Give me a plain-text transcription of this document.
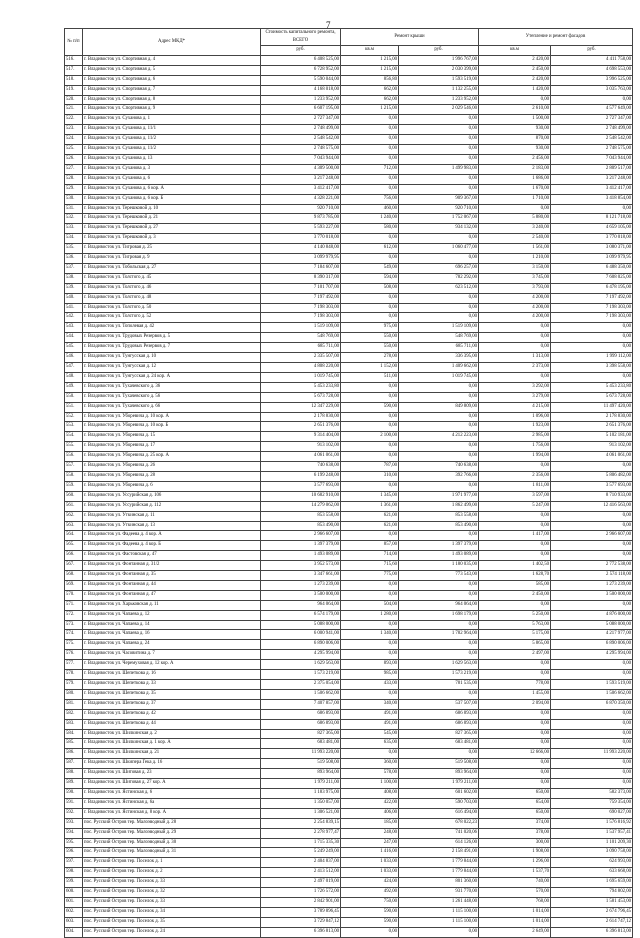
7
№ п/п	Адрес МКД*	Стоимость капитального ремонта, ВСЕГО	Ремонт крыши		Утепление и ремонт фасадов	
		руб.	кв.м	руб.	кв.м	руб.
516.	г. Владивосток ул. Спортивная д. 4	6 408 525,00	1 215,00	1 996 767,00	2 420,00	4 411 758,00
517.	г. Владивосток ул. Спортивная д. 5	6 728 952,00	1 215,00	2 030 399,00	2 450,00	4 698 553,00
518.	г. Владивосток ул. Спортивная д. 6	5 590 044,00	856,80	1 593 519,00	2 420,00	3 996 525,00
519.	г. Владивосток ул. Спортивная д. 7	4 168 018,00	662,00	1 132 255,00	1 420,00	3 035 763,00
520.	г. Владивосток ул. Спортивная д. 8	1 233 952,00	662,00	1 233 952,00	0,00	0,00
521.	г. Владивосток ул. Спортивная д. 9	6 607 195,00	1 215,00	2 029 546,00	2 610,00	4 577 649,00
522.	г. Владивосток ул. Суханова д. 1	2 727 347,00	0,00	0,00	1 500,00	2 727 347,00
523.	г. Владивосток ул. Суханова д. 11/1	2 748 499,00	0,00	0,00	930,00	2 748 499,00
524.	г. Владивосток ул. Суханова д. 11/2	2 548 542,00	0,00	0,00	870,00	2 548 542,00
525.	г. Владивосток ул. Суханова д. 11/2	2 748 575,00	0,00	0,00	930,00	2 748 575,00
526.	г. Владивосток ул. Суханова д. 13	7 043 944,00	0,00	0,00	2 456,00	7 043 944,00
527.	г. Владивосток ул. Суханова д. 3	4 309 500,00	712,00	1 499 983,00	2 183,00	2 809 517,00
528.	г. Владивосток ул. Суханова д. 6	3 217 248,00	0,00	0,00	1 686,00	3 217 248,00
529.	г. Владивосток ул. Суханова д. 6 кор. А	3 412 417,00	0,00	0,00	1 670,00	3 412 417,00
530.	г. Владивосток ул. Суханова д. 6 кор. Б	4 328 221,00	756,00	909 367,00	1 710,00	3 418 854,00
531.	г. Владивосток ул. Терешковой д. 10	920 710,00	460,00	920 710,00	0,00	0,00
532.	г. Владивосток ул. Терешковой д. 21	9 873 785,00	1 240,00	1 752 067,00	5 880,00	8 121 718,00
533.	г. Владивосток ул. Терешковой д. 27	5 593 227,00	580,00	934 132,00	3 240,00	4 659 105,00
534.	г. Владивосток ул. Терешковой д. 3	3 770 018,00	0,00	0,00	2 540,00	3 770 018,00
535.	г. Владивосток ул. Тигровая д. 25	4 140 848,00	612,00	1 060 477,00	1 561,00	3 080 371,00
536.	г. Владивосток ул. Тигровая д. 9	3 099 979,95	0,00	0,00	1 210,00	3 099 979,95
537.	г. Владивосток ул. Тобольская д. 27	7 184 607,00	549,00	696 257,00	3 150,00	6 488 350,00
538.	г. Владивосток ул. Толстого д. 45	8 390 317,00	594,00	782 292,00	3 745,00	7 608 025,00
539.	г. Владивосток ул. Толстого д. 46	7 101 707,00	508,00	623 512,00	3 793,00	6 478 195,00
540.	г. Владивосток ул. Толстого д. 48	7 197 492,00	0,00	0,00	4 200,00	7 197 492,00
541.	г. Владивосток ул. Толстого д. 50	7 198 303,00	0,00	0,00	4 200,00	7 198 303,00
542.	г. Владивосток ул. Толстого д. 52	7 198 303,00	0,00	0,00	4 200,00	7 198 303,00
543.	г. Владивосток ул. Тополевая д. 42	1 519 109,00	975,00	1 519 109,00	0,00	0,00
544.	г. Владивосток ул. Трудовых Резервов д. 5	548 769,00	550,00	548 769,00	0,00	0,00
545.	г. Владивосток ул. Трудовых Резервов д. 7	685 711,00	550,00	685 711,00	0,00	0,00
546.	г. Владивосток ул. Тунгусская д. 10	2 335 507,00	278,00	336 395,00	1 313,00	1 999 112,00
547.	г. Владивосток ул. Тунгусская д. 12	4 808 220,00	1 152,00	1 409 662,00	2 373,00	3 398 558,00
548.	г. Владивосток ул. Тунгусская д. 24 кор. А	1 019 745,00	511,00	1 019 745,00	0,00	0,00
549.	г. Владивосток ул. Тухачевского д. 36	5 453 233,80	0,00	0,00	3 292,00	5 453 233,80
550.	г. Владивосток ул. Тухачевского д. 56	5 673 728,00	0,00	0,00	3 279,00	5 673 728,00
551.	г. Владивосток ул. Тухачевского д. 66	12 347 229,00	590,00	849 809,00	4 215,00	11 497 420,00
552.	г. Владивосток ул. Уборевича д. 10 кор. А	2 178 830,00	0,00	0,00	1 096,00	2 178 830,00
553.	г. Владивосток ул. Уборевича д. 10 кор. Б	2 651 376,00	0,00	0,00	1 923,00	2 651 376,00
554.	г. Владивосток ул. Уборевича д. 15	9 314 404,00	2 100,00	4 212 223,00	2 985,00	5 102 181,00
555.	г. Владивосток ул. Уборевича д. 17	913 102,00	0,00	0,00	1 756,00	913 102,00
556.	г. Владивосток ул. Уборевича д. 25 кор. А	4 061 061,00	0,00	0,00	1 994,00	4 061 061,00
557.	г. Владивосток ул. Уборевича д. 26	740 638,00	787,00	740 638,00	0,00	0,00
558.	г. Владивосток ул. Уборевича д. 28	6 199 248,00	310,00	392 766,00	2 356,00	5 806 482,00
559.	г. Владивосток ул. Уборевича д. 6	3 577 693,00	0,00	0,00	1 811,00	3 577 693,00
560.	г. Владивосток ул. Уссурийская д. 106	10 682 910,00	1 345,00	1 971 977,00	3 597,00	8 710 933,00
561.	г. Владивосток ул. Уссурийская д. 112	14 279 062,00	1 361,00	1 862 499,00	5 247,00	12 416 563,00
562.	г. Владивосток ул. Уткинская д. 11	853 558,00	621,00	853 558,00	0,00	0,00
563.	г. Владивосток ул. Уткинская д. 13	853 490,00	621,00	853 490,00	0,00	0,00
564.	г. Владивосток ул. Фадеева д. 4 кор. А	2 966 607,00	0,00	0,00	1 417,00	2 966 607,00
565.	г. Владивосток ул. Фадеева д. 4 кор. Б	1 397 379,00	857,00	1 397 379,00	0,00	0,00
566.	г. Владивосток ул. Фастовская д. 47	1 493 089,00	714,00	1 493 089,00	0,00	0,00
567.	г. Владивосток ул. Фонтанная д. 31/2	3 952 573,00	715,60	1 180 035,00	1 402,50	2 772 538,00
568.	г. Владивосток ул. Фонтанная д. 35	3 347 661,00	775,00	773 543,00	1 628,70	2 574 118,00
569.	г. Владивосток ул. Фонтанная д. 44	1 273 239,00	0,00	0,00	585,00	1 273 239,00
570.	г. Владивосток ул. Фонтанная д. 47	3 500 000,00	0,00	0,00	2 450,00	3 500 000,00
571.	г. Владивосток ул. Харьковская д. 11	964 064,00	504,00	964 064,00	0,00	0,00
572.	г. Владивосток ул. Чапаева д. 12	6 574 179,00	1 280,00	1 698 179,00	5 250,00	4 876 000,00
573.	г. Владивосток ул. Чапаева д. 14	5 088 000,00	0,00	0,00	5 763,00	5 088 000,00
574.	г. Владивосток ул. Чапаева д. 16	6 000 941,00	1 340,00	1 782 964,00	5 175,00	4 217 977,00
575.	г. Владивосток ул. Чапаева д. 24	6 890 006,00	0,00	0,00	5 865,00	6 890 006,00
576.	г. Владивосток ул. Часовитина д. 7	4 295 994,00	0,00	0,00	2 497,00	4 295 994,00
577.	г. Владивосток ул. Черемуховая д. 12 кор. А	1 629 563,00	893,00	1 629 563,00	0,00	0,00
578.	г. Владивосток ул. Шепеткова д. 16	1 573 219,00	985,00	1 573 219,00	0,00	0,00
579.	г. Владивосток ул. Шепеткова д. 33	2 375 054,00	433,00	781 535,00	778,00	1 593 519,00
580.	г. Владивосток ул. Шепеткова д. 35	1 506 662,00	0,00	0,00	1 455,00	1 506 662,00
581.	г. Владивосток ул. Шепеткова д. 37	7 407 857,00	340,00	537 507,00	2 094,00	6 870 350,00
582.	г. Владивосток ул. Шепеткова д. 42	686 893,00	491,00	686 893,00	0,00	0,00
583.	г. Владивосток ул. Шепеткова д. 44	686 893,00	491,00	686 893,00	0,00	0,00
584.	г. Владивосток ул. Шилкинская д. 2	827 365,00	545,00	827 365,00	0,00	0,00
585.	г. Владивосток ул. Шилкинская д. 1 кор. А	683 481,00	635,00	683 481,00	0,00	0,00
586.	г. Владивосток ул. Шилкинская д. 21	11 993 220,00	0,00	0,00	12 666,00	11 993 220,00
587.	г. Владивосток ул. Шкипера Гека д. 16	519 508,00	360,00	519 508,00	0,00	0,00
588.	г. Владивосток ул. Шитовая д. 23	893 964,00	578,00	893 964,00	0,00	0,00
589.	г. Владивосток ул. Шитовая д. 27 кор. А	1 979 211,00	1 100,00	1 979 211,00	0,00	0,00
590.	г. Владивосток ул. Ястинская д. 6	1 183 975,00	408,00	601 602,00	650,00	582 373,00
591.	г. Владивосток ул. Ястинская д. 6а	1 350 057,00	422,00	590 703,00	654,00	759 354,00
592.	г. Владивосток ул. Ястинская д. 8 кор. А	1 306 521,00	406,00	616 494,00	650,00	690 027,00
593.	пос. Русский Остров тер. Малоэводный д. 28	2 254 839,15	185,00	678 022,23	374,00	1 576 816,92
594.	пос. Русский Остров тер. Малоэводный д. 29	2 278 977,47	248,00	741 020,06	378,00	1 537 957,41
595.	пос. Русский Остров тер. Малоэводный д. 30	1 715 335,30	247,00	614 126,00	300,00	1 101 209,30
596.	пос. Русский Остров тер. Малоэводный д. 31	5 249 249,00	1 416,00	2 158 491,00	1 908,00	3 090 758,00
597.	пос. Русский Остров тер. Поселок д. 1	2 404 837,00	1 033,00	1 779 844,00	1 296,00	624 993,00
598.	пос. Русский Остров тер. Поселок д. 2	2 413 512,00	1 033,00	1 779 844,00	1 537,70	633 668,00
599.	пос. Русский Остров тер. Поселок д. 33	2 497 019,00	424,00	801 360,00	740,00	1 695 659,00
600.	пос. Русский Остров тер. Поселок д. 32	1 726 572,00	492,00	931 770,00	570,00	794 802,00
601.	пос. Русский Остров тер. Поселок д. 33	2 842 901,00	750,00	1 261 448,00	768,00	1 581 453,00
602.	пос. Русский Остров тер. Поселок д. 34	3 789 896,45	590,00	1 115 100,00	1 014,00	2 674 796,45
603.	пос. Русский Остров тер. Поселок д. 35	3 729 847,12	590,00	1 115 100,00	1 014,00	2 614 747,12
604.	пос. Русский Остров тер. Поселок д. 24	6 396 813,00	0,00	0,00	2 649,00	6 396 813,00
